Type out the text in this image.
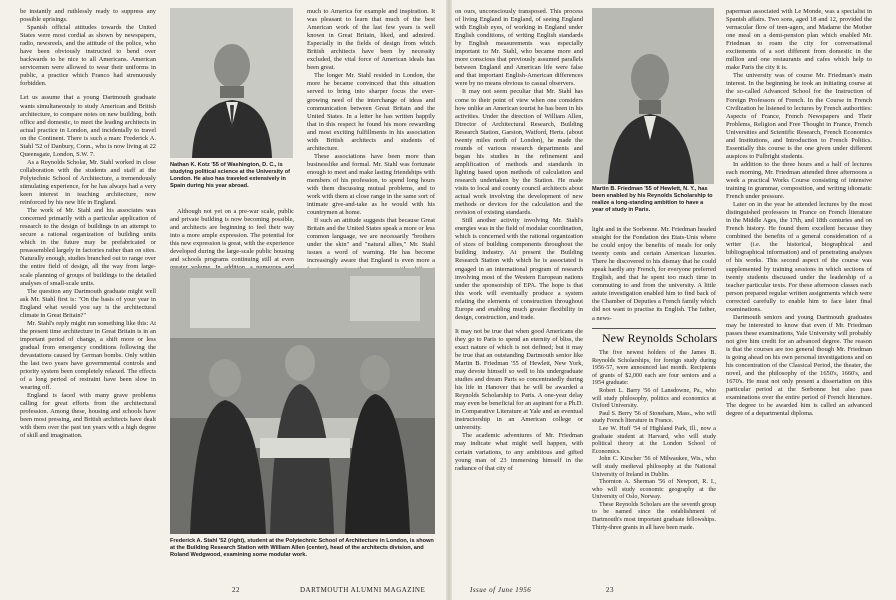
be instantly and ruthlessly ready to suppress any possible uprisings.

Spanish official attitudes towards the United States were most cordial as shown by newspapers, radio, newsreels, and the attitude of the police, who have been obviously instructed to bend over backwards to be nice to all Americans. American servicemen were allowed to wear their uniforms in public, a practice which Franco had strenuously forbidden.

Let us assume that a young Dartmouth graduate wants simultaneously to study American and British architecture, to compare notes on new building, both office and domestic, to meet the leading architects in actual practice in London, and incidentally to travel on the Continent. There is such a man: Frederick A. Stahl '52 of Danbury, Conn., who is now living at 22 Queensgate, London, S.W. 7.

As a Reynolds Scholar, Mr. Stahl worked in close collaboration with the students and staff at the Polytechnic School of Architecture, a tremendously stimulating experience, for he has always had a very keen interest in teaching architecture, now reinforced by his new life in England.

The work of Mr. Stahl and his associates was concerned primarily with a particular application of research to the design of buildings in an attempt to secure a rational organization of building units which in the future may be prefabricated or preassembled largely in factories rather than on sites. Naturally enough, studies branched out to range over the entire field of design, all the way from large-scale planning of groups of buildings to the detailed analyses of small-scale units.

The question any Dartmouth graduate might well ask Mr. Stahl first is: "On the basis of your year in England what would you say is the architectural climate in Great Britain?"

Mr. Stahl's reply might run something like this: At the present time architecture in Great Britain is in an important period of change, a shift more or less gradual from emergency conditions following the devastations caused by German bombs. Only within the last two years have governmental controls and priority system been completely relaxed. The effects of a long period of restraint have been slow in wearing off.

England is faced with many grave problems calling for great efforts from the architectural profession. Among these, housing and schools have been most pressing, and British architects have dealt with them over the past ten years with a high degree of skill and imagination.

Nathan K. Kotz '55 of Washington, D. C., is studying political science at the University of London. He also has traveled extensively in Spain during his year abroad.

Although not yet on a pre-war scale, public and private building is now becoming possible, and architects are beginning to feel their way into a more ample expression. The potential for this new expression is great, with the experience developed during the large-scale public housing and schools programs continuing still at even

much to America for example and inspiration. It was pleasant to learn that much of the best American work of the last few years is well known in Great Britain, liked, and admired. Especially in the fields of design from which British architects have been by necessity excluded, the vital force of American ideals has been great.

The longer Mr. Stahl resided in London, the more he became convinced that this situation served to bring into sharper focus the ever-growing need of the interchange of ideas and communication between Great Britain and the United States. In a letter he has written happily that in this respect he found his more rewarding and most exciting fulfillments in his association with British architects and students of architecture.

These associations have been more than businesslike and formal. Mr. Stahl was fortunate enough to meet and make lasting friendships with members of his profession, to spend long hours with them discussing mutual problems, and to work with them at close range in the same sort of intimate give-and-take as he would with his countrymen at home.

If such an attitude suggests that because Great Britain and the United States speak a more or less common language, we are necessarily "brothers under the skin" and "natural allies," Mr. Stahl issues a word of warning. He has become increasingly aware that England is even more a

Frederick A. Stahl '52 (right), student at the Polytechnic School of Architecture in London, is shown at the Building Research Station with William Allen (center), head of the architects division, and Roland Wedgwood, examining some modular work.
22	DARTMOUTH ALUMNI MAGAZINE

on ours, unconsciously transposed. This process of living England in England, of seeing England with English eyes, of working in England under English conditions, of writing English standards by English measurements was especially important to Mr. Stahl, who became more and more conscious that previously assumed parallels between England and American life were false and that important English-American differences were by no means obvious to casual observers.

It may not seem peculiar that Mr. Stahl has come to their point of view when one considers how unlike an American tourist he has been in his activities. Under the direction of William Allen, Director of Architectural Research, Building Research Station, Garston, Watford, Herts. (about twenty miles north of London), he made the rounds of various research departments and began his studies in the refinement and amplification of methods and standards in lighting based upon methods of calculation and research undertaken by the Station. He made visits to local and county council architects about actual work involving the development of new methods or devices for the calculation and the revision of existing standards.

Still another activity involving Mr. Stahl's energies was in the field of modular coordination, which is concerned with the rational organization of sizes of building components throughout the building industry. At present the Building Research Station with which he is associated is engaged in an international program of research involving most of the Western European nations under the sponsorship of EPA. The hope is that this work will eventually produce a system relating the elements of construction throughout Europe and enabling much greater flexibility in design, construction, and trade.

It may not be true that when good Americans die they go to Paris to spend an eternity of bliss, the exact nature of which is not defined; but it may be true that an outstanding Dartmouth senior like Martin B. Friedman '55 of Hewlett, New York, may devote himself so well to his undergraduate studies and dream Paris so concentratedly during his life in Hanover that he will be awarded a Reynolds Scholarship to Paris. A one-year delay may even be beneficial for an aspirant for a Ph.D. in Comparative Literature at Yale and an eventual instructorship in an American college or university.

The academic adventures of Mr. Friedman may indicate what might well happen, with certain variations, to any ambitious and gifted young man of 23 immersing himself in the radiance of that city of

Martin B. Friedman '55 of Hewlett, N. Y., has been enabled by his Reynolds Scholarship to realize a long-standing ambition to have a year of study in Paris.

light and in the Sorbonne. Mr. Friedman headed straight for the Fondation des Etats-Unis where he could enjoy the benefits of meals for only twenty cents and certain American luxuries. There he discovered to his dismay that he could speak hardly any French, for everyone preferred English, and that he spent too much time in commuting to and from the university. A little astute investigation enabled him to find back of the Chamber of Deputies a French family which did not want to practise its English. The father, a news-

New Reynolds Scholars

The five newest holders of the James B. Reynolds Scholarships, for foreign study during 1956-57, were announced last month. Recipients of grants of $2,000 each are four seniors and a 1954 graduate:

Robert L. Barry '56 of Lansdowne, Pa., who will study philosophy, politics and economics at Oxford University.

Paul S. Berry '56 of Stoneham, Mass., who will study French literature in France.

Lee W. Huff '54 of Highland Park, Ill., now a graduate student at Harvard, who will study political theory at the London School of Economics.

John C. Kirscher '56 of Milwaukee, Wis., who will study medieval philosophy at the National University of Ireland in Dublin.

Thornton A. Sherman '56 of Newport, R. I., who will study economic geography at the University of Oslo, Norway.

These Reynolds Scholars are the seventh group to be named since the establishment of Dartmouth's most important graduate fellowships. Thirty-three grants in all have been made.

paperman associated with Le Monde, was a specialist in Spanish affairs. Two sons, aged 18 and 12, provided the vernacular flow of teen-agers, and Madame the Mother one meal on a demi-pension plan which enabled Mr. Friedman to roam the city for conversational excitements of a sort different from domestic in the million and one restaurants and cafes which help to make Paris the city it is.

The university was of course Mr. Friedman's main interest. In the beginning he took an initiating course at the so-called Advanced School for the Instruction of Foreign Professors of French. In the Course in French Civilization he listened to lectures by French authorities: Aspects of France, French Newspapers and Their Problems, Religion and Free Thought in France, French Universities and Scientific Research, French Economics and Institutions, and Introduction to French Politics. Essentially this course is the one given under different auspices to Fulbright students.

In addition to the three hours and a half of lectures each morning, Mr. Friedman attended three afternoons a week a practical Works Course consisting of intensive training in grammar, composition, and writing idiomatic French under pressure.

Later on in the year he attended lectures by the most distinguished professors in France on French literature in the Middle Ages, the 17th, and 18th centuries and on French history. He found them excellent because they combined the benefits of a general consideration of a writer (i.e. the historical, biographical and bibliographical information) and of penetrating analyses of his works. This second aspect of the course was supplemented by training sessions in which sections of twenty students discussed under the leadership of a teacher particular texts. For these afternoon classes each person prepared regular written assignments which were corrected carefully to enable him to face later final examinations.

Dartmouth seniors and young Dartmouth graduates may be interested to know that even if Mr. Friedman passes these examinations, Yale University will probably not give him credit for an advanced degree. The reason is that the courses are too general though Mr. Friedman is going ahead on his own personal investigations and on his concentration of the Classical Period, the theater, the novel, and the philosophy of the 1650's, 1660's, and 1670's. He must not only present a dissertation on this particular period at the Sorbonne but also pass examinations over the entire period of French literature. The degree to be awarded him is called an advanced degree of a departmental diploma.

Issue of June 1956	23
